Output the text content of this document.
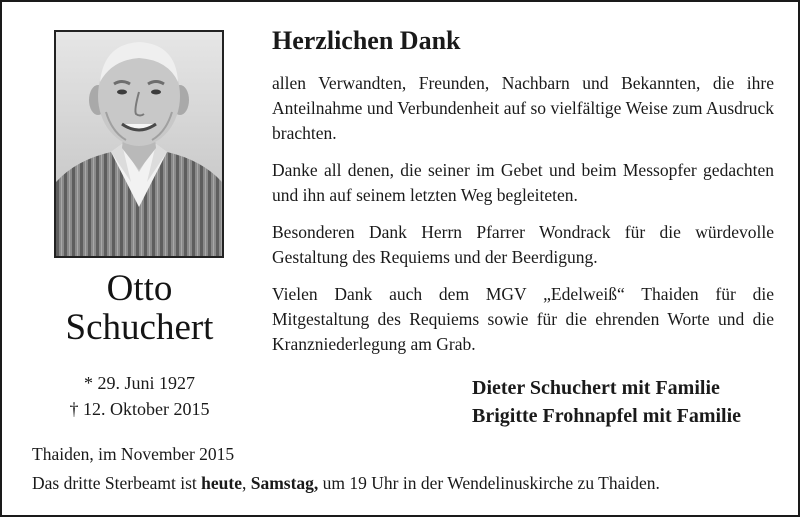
Otto
Schuchert
* 29. Juni 1927
† 12. Oktober 2015
Herzlichen Dank

allen Verwandten, Freunden, Nachbarn und Bekannten, die ihre Anteilnahme und Verbundenheit auf so vielfältige Weise zum Ausdruck brachten.

Danke all denen, die seiner im Gebet und beim Messopfer gedachten und ihn auf seinem letzten Weg begleiteten.

Besonderen Dank Herrn Pfarrer Wondrack für die würdevolle Gestaltung des Requiems und der Beerdigung.

Vielen Dank auch dem MGV „Edelweiß“ Thaiden für die Mitgestaltung des Requiems sowie für die ehrenden Worte und die Kranzniederlegung am Grab.

Dieter Schuchert mit Familie
Brigitte Frohnapfel mit Familie
Thaiden, im November 2015
Das dritte Sterbeamt ist heute, Samstag, um 19 Uhr in der Wendelinuskirche zu Thaiden.
